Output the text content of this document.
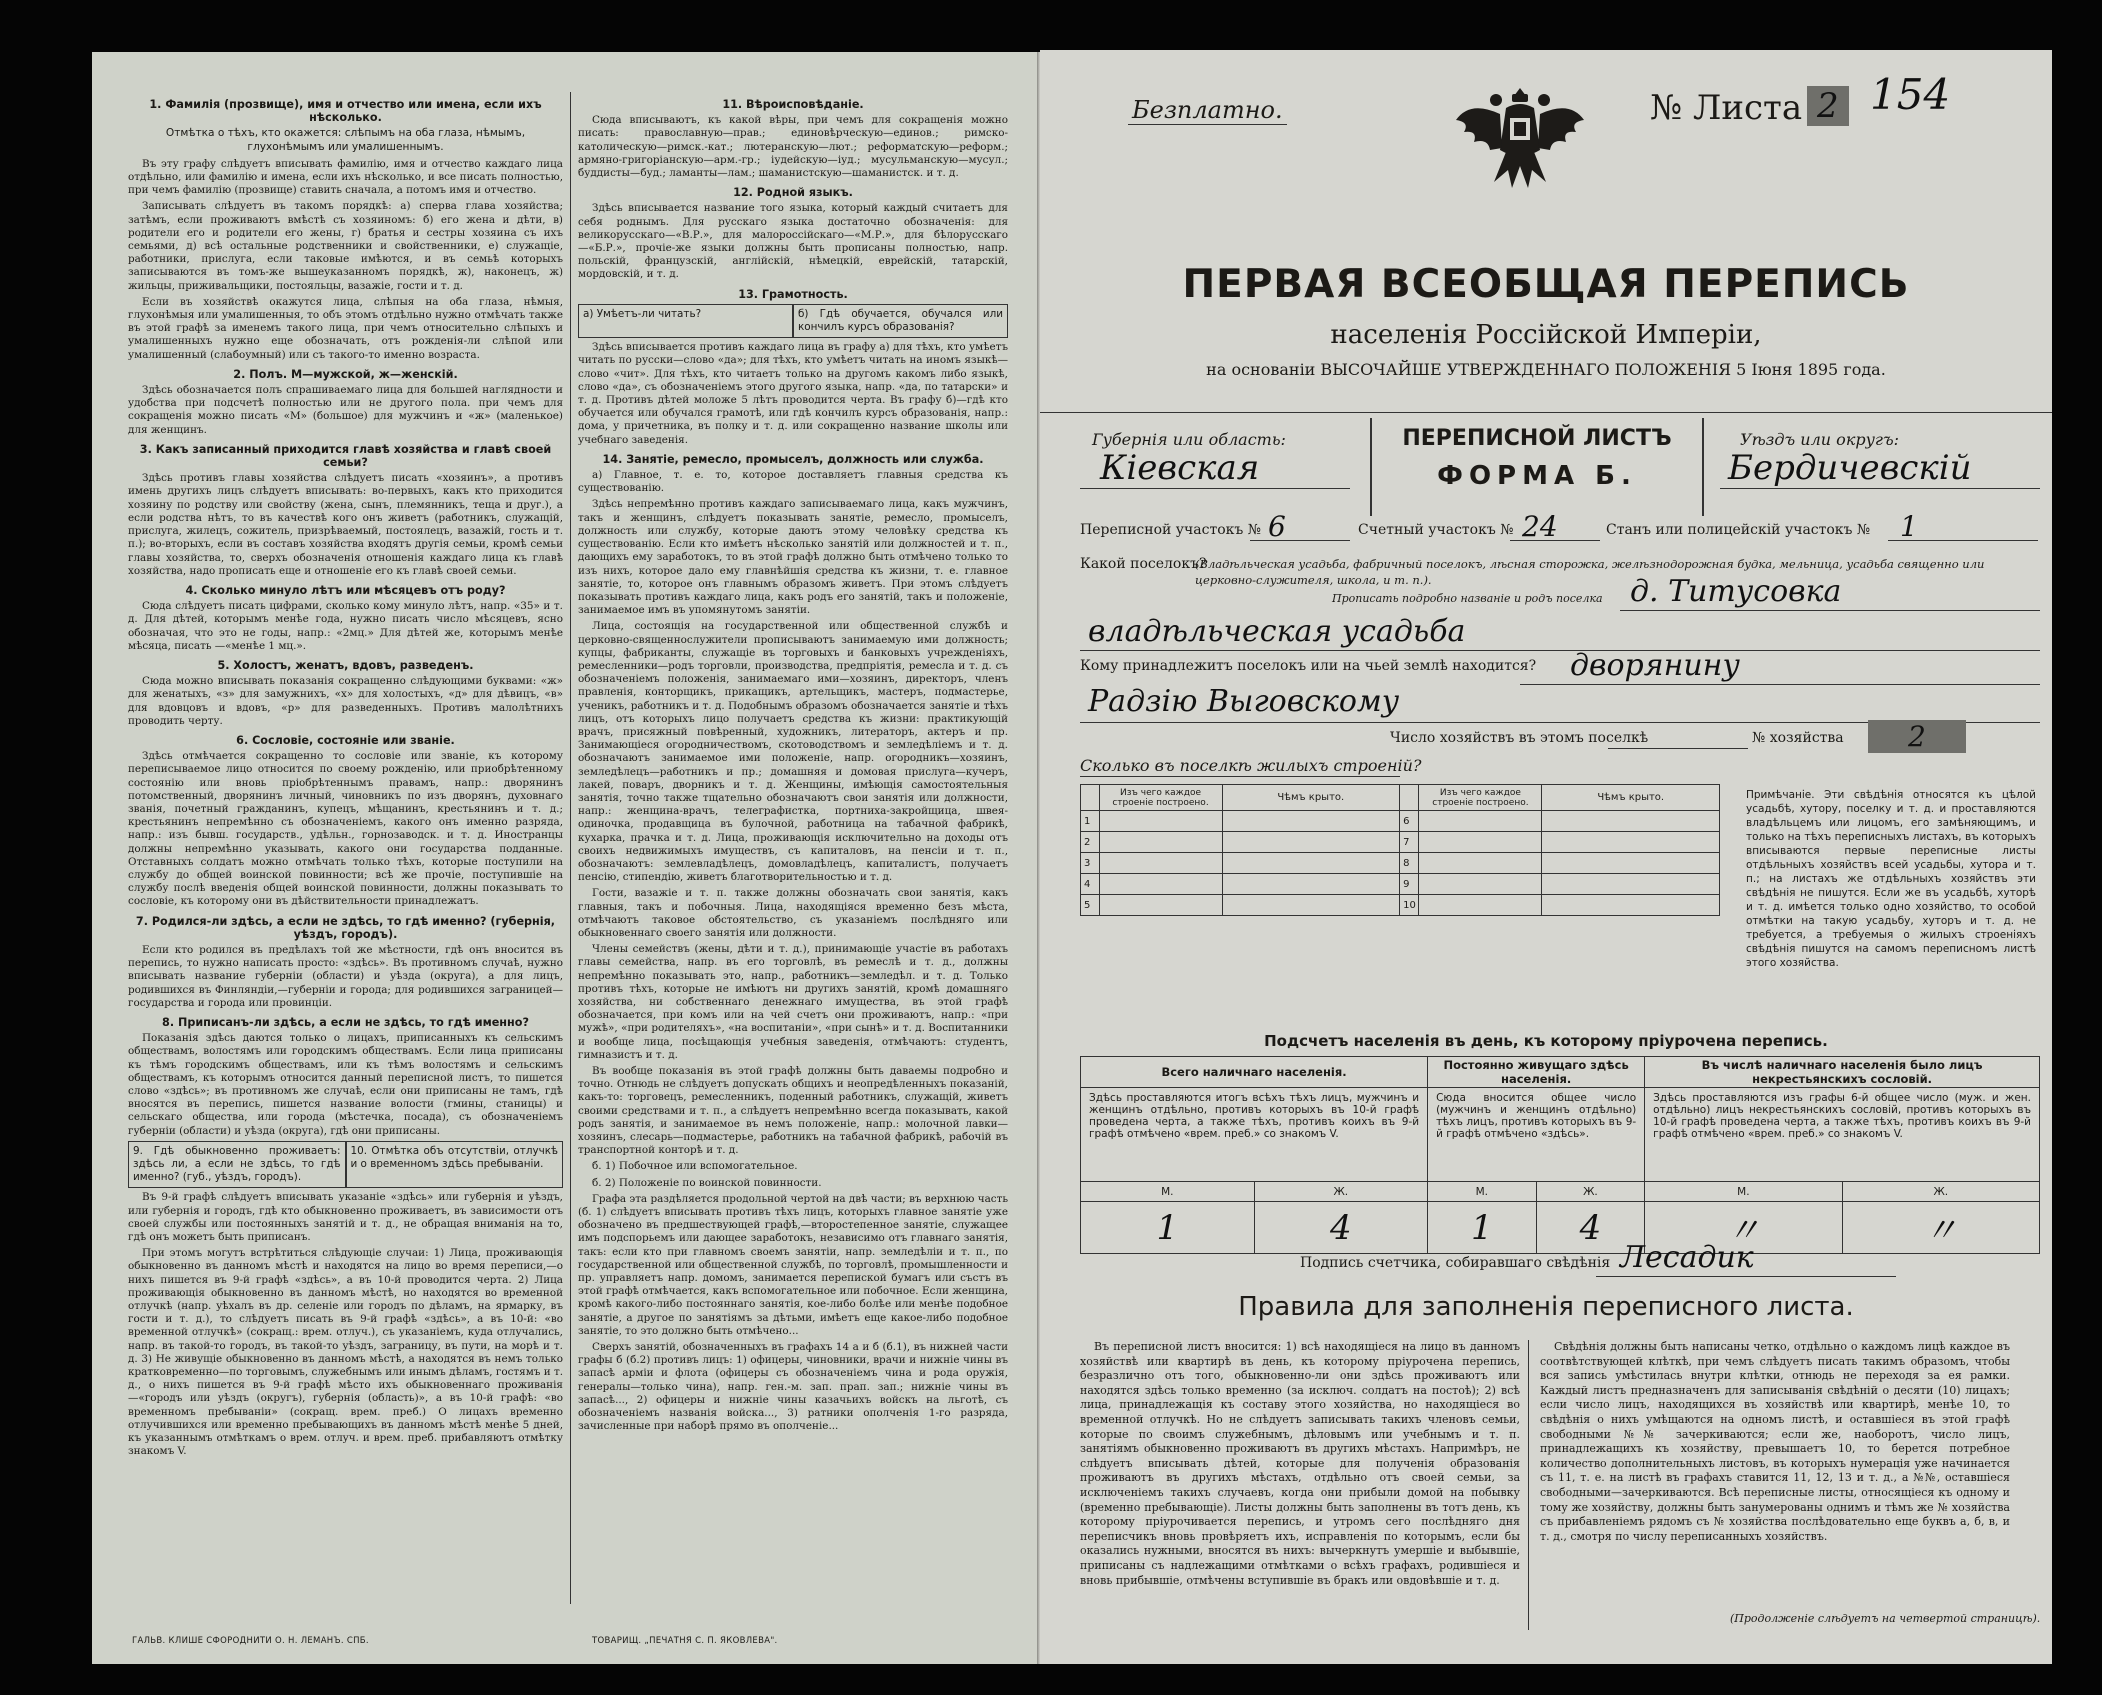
1. Фамилія (прозвище), имя и отчество или имена, если ихъ нѣсколько.
Отмѣтка о тѣхъ, кто окажется: слѣпымъ на оба глаза, нѣмымъ, глухонѣмымъ или умалишеннымъ.

Въ эту графу слѣдуетъ вписывать фамилію, имя и отчество каждаго лица отдѣльно, или фамилію и имена, если ихъ нѣсколько, и все писать полностью, при чемъ фамилію (прозвище) ставить сначала, а потомъ имя и отчество.

Записывать слѣдуетъ въ такомъ порядкѣ: а) сперва глава хозяйства; затѣмъ, если проживаютъ вмѣстѣ съ хозяиномъ: б) его жена и дѣти, в) родители его и родители его жены, г) братья и сестры хозяина съ ихъ семьями, д) всѣ остальные родственники и свойственники, е) служащіе, работники, прислуга, если таковые имѣются, и въ семьѣ которыхъ записываются въ томъ-же вышеуказанномъ порядкѣ, ж), наконецъ, ж) жильцы, приживальщики, постояльцы, вазажіе, гости и т. д.

Если въ хозяйствѣ окажутся лица, слѣпыя на оба глаза, нѣмыя, глухонѣмыя или умалишенныя, то объ этомъ отдѣльно нужно отмѣчать также въ этой графѣ за именемъ такого лица, при чемъ относительно слѣпыхъ и умалишенныхъ нужно еще обозначать, отъ рожденія-ли слѣпой или умалишенный (слабоумный) или съ такого-то именно возраста.

2. Полъ. М—мужской, ж—женскій.

Здѣсь обозначается полъ спрашиваемаго лица для большей наглядности и удобства при подсчетѣ полностью или не другого пола. при чемъ для сокращенія можно писать «М» (большое) для мужчинъ и «ж» (маленькое) для женщинъ.

3. Какъ записанный приходится главѣ хозяйства и главѣ своей семьи?

Здѣсь противъ главы хозяйства слѣдуетъ писать «хозяинъ», а противъ имень другихъ лицъ слѣдуетъ вписывать: во-первыхъ, какъ кто приходится хозяину по родству или свойству (жена, сынъ, племянникъ, теща и друг.), а если родства нѣтъ, то въ качествѣ кого онъ живетъ (работникъ, служащій, прислуга, жилецъ, сожитель, призрѣваемый, постоялецъ, вазажій, гость и т. п.); во-вторыхъ, если въ составъ хозяйства входятъ другія семьи, кромѣ семьи главы хозяйства, то, сверхъ обозначенія отношенія каждаго лица къ главѣ хозяйства, надо прописать еще и отношеніе его къ главѣ своей семьи.

4. Сколько минуло лѣтъ или мѣсяцевъ отъ роду?

Сюда слѣдуетъ писать цифрами, сколько кому минуло лѣтъ, напр. «35» и т. д. Для дѣтей, которымъ менѣе года, нужно писать число мѣсяцевъ, ясно обозначая, что это не годы, напр.: «2мц.» Для дѣтей же, которымъ менѣе мѣсяца, писать —«менѣе 1 мц.».

5. Холостъ, женатъ, вдовъ, разведенъ.

Сюда можно вписывать показанія сокращенно слѣдующими буквами: «ж» для женатыхъ, «з» для замужнихъ, «х» для холостыхъ, «д» для дѣвицъ, «в» для вдовцовъ и вдовъ, «р» для разведенныхъ. Противъ малолѣтнихъ проводить черту.

6. Сословіе, состояніе или званіе.

Здѣсь отмѣчается сокращенно то сословіе или званіе, къ которому переписываемое лицо относится по своему рожденію, или приобрѣтенному состоянію или вновь пріобрѣтеннымъ правамъ, напр.: дворянинъ потомственный, дворянинъ личный, чиновникъ по изъ дворянъ, духовнаго званія, почетный гражданинъ, купецъ, мѣщанинъ, крестьянинъ и т. д.; крестьянинъ непремѣнно съ обозначеніемъ, какого онъ именно разряда, напр.: изъ бывш. государств., удѣльн., горнозаводск. и т. д. Иностранцы должны непремѣнно указывать, какого они государства подданные. Отставныхъ солдатъ можно отмѣчать только тѣхъ, которые поступили на службу до общей воинской повинности; всѣ же прочіе, поступившіе на службу послѣ введенія общей воинской повинности, должны показывать то сословіе, къ которому они въ дѣйствительности принадлежатъ.

7. Родился-ли здѣсь, а если не здѣсь, то гдѣ именно? (губернія, уѣздъ, городъ).

Если кто родился въ предѣлахъ той же мѣстности, гдѣ онъ вносится въ перепись, то нужно написать просто: «здѣсь». Въ противномъ случаѣ, нужно вписывать название губерніи (области) и уѣзда (округа), а для лицъ, родившихся въ Финляндіи,—губерніи и города; для родившихся заграницей—государства и города или провинціи.

8. Приписанъ-ли здѣсь, а если не здѣсь, то гдѣ именно?

Показанія здѣсь даются только о лицахъ, приписанныхъ къ сельскимъ обществамъ, волостямъ или городскимъ обществамъ. Если лица приписаны къ тѣмъ городскимъ обществамъ, или къ тѣмъ волостямъ и сельскимъ обществамъ, къ которымъ относится данный переписной листъ, то пишется слово «здѣсь»; въ противномъ же случаѣ, если они приписаны не тамъ, гдѣ вносятся въ перепись, пишется название волости (гмины, станицы) и сельскаго общества, или города (мѣстечка, посада), съ обозначеніемъ губерніи (области) и уѣзда (округа), гдѣ они приписаны.

9. Гдѣ обыкновенно проживаетъ: здѣсь ли, а если не здѣсь, то гдѣ именно? (губ., уѣздъ, городъ).
10. Отмѣтка объ отсутствіи, отлучкѣ и о временномъ здѣсь пребываніи.

Въ 9-й графѣ слѣдуетъ вписывать указаніе «здѣсь» или губернія и уѣздъ, или губернія и городъ, гдѣ кто обыкновенно проживаетъ, въ зависимости отъ своей службы или постоянныхъ занятій и т. д., не обращая вниманія на то, гдѣ онъ можетъ быть приписанъ.

При этомъ могутъ встрѣтиться слѣдующіе случаи: 1) Лица, проживающія обыкновенно въ данномъ мѣстѣ и находятся на лицо во время переписи,—о нихъ пишется въ 9-й графѣ «здѣсь», а въ 10-й проводится черта. 2) Лица проживающія обыкновенно въ данномъ мѣстѣ, но находятся во временной отлучкѣ (напр. уѣхалъ въ др. селеніе или городъ по дѣламъ, на ярмарку, въ гости и т. д.), то слѣдуетъ писать въ 9-й графѣ «здѣсь», а въ 10-й: «во временной отлучкѣ» (сокращ.: врем. отлуч.), съ указаніемъ, куда отлучались, напр. въ такой-то городъ, въ такой-то уѣздъ, заграницу, въ пути, на морѣ и т. д. 3) Не живущіе обыкновенно въ данномъ мѣстѣ, а находятся въ немъ только кратковременно—по торговымъ, служебнымъ или инымъ дѣламъ, гостямъ и т. д., о нихъ пишется въ 9-й графѣ мѣсто ихъ обыкновеннаго проживанія—«городъ или уѣздъ (округъ), губернія (область)», а въ 10-й графѣ: «во временномъ пребываніи» (сокращ. врем. преб.) О лицахъ временно отлучившихся или временно пребывающихъ въ данномъ мѣстѣ менѣе 5 дней, къ указаннымъ отмѣткамъ о врем. отлуч. и врем. преб. прибавляютъ отмѣтку знакомъ V.

11. Вѣроисповѣданіе.

Сюда вписываютъ, къ какой вѣры, при чемъ для сокращенія можно писать: православную—прав.; единовѣрческую—единов.; римско-католическую—римск.-кат.; лютеранскую—лют.; реформатскую—реформ.; армяно-григоріанскую—арм.-гр.; іудейскую—іуд.; мусульманскую—мусул.; буддисты—буд.; ламанты—лам.; шаманистскую—шаманистск. и т. д.

12. Родной языкъ.

Здѣсь вписывается название того языка, который каждый считаетъ для себя роднымъ. Для русскаго языка достаточно обозначенія: для великорусскаго—«В.Р.», для малороссійскаго—«М.Р.», для бѣлорусскаго—«Б.Р.», прочіе-же языки должны быть прописаны полностью, напр. польскій, французскій, англійскій, нѣмецкій, еврейскій, татарскій, мордовскій, и т. д.

13. Грамотность.
а) Умѣетъ-ли читать?	б) Гдѣ обучается, обучался или кончилъ курсъ образованія?

Здѣсь вписывается противъ каждаго лица въ графу а) для тѣхъ, кто умѣетъ читать по русски—слово «да»; для тѣхъ, кто умѣетъ читать на иномъ языкѣ—слово «чит». Для тѣхъ, кто читаетъ только на другомъ какомъ либо языкѣ, слово «да», съ обозначеніемъ этого другого языка, напр. «да, по татарски» и т. д. Противъ дѣтей моложе 5 лѣтъ проводится черта. Въ графу б)—гдѣ кто обучается или обучался грамотѣ, или гдѣ кончилъ курсъ образованія, напр.: дома, у причетника, въ полку и т. д. или сокращенно название школы или учебнаго заведенія.

14. Занятіе, ремесло, промыселъ, должность или служба.

а) Главное, т. е. то, которое доставляетъ главныя средства къ существованію.

Здѣсь непремѣнно противъ каждаго записываемаго лица, какъ мужчинъ, такъ и женщинъ, слѣдуетъ показывать занятіе, ремесло, промыселъ, должность или службу, которые даютъ этому человѣку средства къ существованію. Если кто имѣетъ нѣсколько занятій или должностей и т. п., дающихъ ему заработокъ, то въ этой графѣ должно быть отмѣчено только то изъ нихъ, которое дало ему главнѣйшія средства къ жизни, т. е. главное занятіе, то, которое онъ главнымъ образомъ живетъ. При этомъ слѣдуетъ показывать противъ каждаго лица, какъ родъ его занятій, такъ и положеніе, занимаемое имъ въ упомянутомъ занятіи.

Лица, состоящія на государственной или общественной службѣ и церковно-священнослужители прописываютъ занимаемую ими должность; купцы, фабриканты, служащіе въ торговыхъ и банковыхъ учрежденіяхъ, ремесленники—родъ торговли, производства, предпріятія, ремесла и т. д. съ обозначеніемъ положенія, занимаемаго ими—хозяинъ, директоръ, членъ правленія, конторщикъ, прикащикъ, артельщикъ, мастеръ, подмастерье, ученикъ, работникъ и т. д. Подобнымъ образомъ обозначается занятіе и тѣхъ лицъ, отъ которыхъ лицо получаетъ средства къ жизни: практикующій врачъ, присяжный повѣренный, художникъ, литераторъ, актеръ и пр. Занимающіеся огородничествомъ, скотоводствомъ и земледѣліемъ и т. д. обозначаютъ занимаемое ими положеніе, напр. огородникъ—хозяинъ, земледѣлецъ—работникъ и пр.; домашняя и домовая прислуга—кучеръ, лакей, поваръ, дворникъ и т. д. Женщины, имѣющія самостоятельныя занятія, точно также тщательно обозначаютъ свои занятія или должности, напр.: женщина-врачъ, телеграфистка, портниха-закройщица, швея-одиночка, продавщица въ булочной, работница на табачной фабрикѣ, кухарка, прачка и т. д. Лица, проживающія исключительно на доходы отъ своихъ недвижимыхъ имуществъ, съ капиталовъ, на пенсіи и т. п., обозначаютъ: землевладѣлецъ, домовладѣлецъ, капиталистъ, получаетъ пенсію, стипендію, живетъ благотворительностью и т. д.

Гости, вазажіе и т. п. также должны обозначать свои занятія, какъ главныя, такъ и побочныя. Лица, находящіяся временно безъ мѣста, отмѣчаютъ таковое обстоятельство, съ указаніемъ послѣдняго или обыкновеннаго своего занятія или должности.

Члены семействъ (жены, дѣти и т. д.), принимающіе участіе въ работахъ главы семейства, напр. въ его торговлѣ, въ ремеслѣ и т. д., должны непремѣнно показывать это, напр., работникъ—земледѣл. и т. д. Только противъ тѣхъ, которые не имѣютъ ни другихъ занятій, кромѣ домашняго хозяйства, ни собственнаго денежнаго имущества, въ этой графѣ обозначается, при комъ или на чей счетъ они проживаютъ, напр.: «при мужѣ», «при родителяхъ», «на воспитаніи», «при сынѣ» и т. д. Воспитанники и вообще лица, посѣщающія учебныя заведенія, отмѣчаютъ: студентъ, гимназистъ и т. д.

Въ вообще показанія въ этой графѣ должны быть даваемы подробно и точно. Отнюдь не слѣдуетъ допускать общихъ и неопредѣленныхъ показаній, какъ-то: торговецъ, ремесленникъ, поденный работникъ, служащій, живетъ своими средствами и т. п., а слѣдуетъ непремѣнно всегда показывать, какой родъ занятія, и занимаемое въ немъ положеніе, напр.: молочной лавки—хозяинъ, слесарь—подмастерье, работникъ на табачной фабрикѣ, рабочій въ транспортной конторѣ и т. д.

б. 1) Побочное или вспомогательное.

б. 2) Положеніе по воинской повинности.

Графа эта раздѣляется продольной чертой на двѣ части; въ верхнюю часть (б. 1) слѣдуетъ вписывать противъ тѣхъ лицъ, которыхъ главное занятіе уже обозначено въ предшествующей графѣ,—второстепенное занятіе, служащее имъ подспорьемъ или дающее заработокъ, независимо отъ главнаго занятія, такъ: если кто при главномъ своемъ занятіи, напр. земледѣліи и т. п., по государственной или общественной службѣ, по торговлѣ, промышленности и пр. управляетъ напр. домомъ, занимается перепиской бумагъ или състъ въ этой графѣ отмѣчается, какъ вспомогательное или побочное. Если женщина, кромѣ какого-либо постояннаго занятія, кое-либо болѣе или менѣе подобное занятіе, а другое по занятіямъ за дѣтьми, имѣетъ еще какое-либо подобное занятіе, то это должно быть отмѣчено...

Сверхъ занятій, обозначенныхъ въ графахъ 14 а и б (б.1), въ нижней части графы б (б.2) противъ лицъ: 1) офицеры, чиновники, врачи и нижніе чины въ запасѣ арміи и флота (офицеры съ обозначеніемъ чина и рода оружія, генералы—только чина), напр. ген.-м. зап. прап. зап.; нижніе чины въ запасѣ..., 2) офицеры и нижніе чины казачьихъ войскъ на льготѣ, съ обозначеніемъ названія войска..., 3) ратники ополченія 1-го разряда, зачисленные при наборѣ прямо въ ополченіе...

ГАЛЬВ. КЛИШЕ СФОРОДНИТИ О. Н. ЛЕМАНЪ. СПБ.	ТОВАРИЩ. „ПЕЧАТНЯ С. П. ЯКОВЛЕВА".
Безплатно.	№ Листа 2 154
ПЕРВАЯ ВСЕОБЩАЯ ПЕРЕПИСЬ
населенія Россійской Имперіи,
на основаніи ВЫСОЧАЙШЕ УТВЕРЖДЕННАГО ПОЛОЖЕНІЯ 5 Іюня 1895 года.
Губернія или область:
Кіевская
ПЕРЕПИСНОЙ ЛИСТЪ
ФОРМА Б.
Уѣздъ или округъ:
Бердичевскій
Переписной участокъ № 6	Счетный участокъ № 24	Станъ или полицейскій участокъ № 1
Какой поселокъ?
(Владѣльческая усадьба, фабричный поселокъ, лѣсная сторожка, желѣзнодорожная будка, мельница, усадьба священно или церковно-служителя, школа, и т. п.).
Прописать подробно названіе и родъ поселка д. Титусовка
владѣльческая усадьба
Кому принадлежитъ поселокъ или на чьей землѣ находится? дворянину
Радзію Выговскому
Число хозяйствъ въ этомъ поселкѣ	№ хозяйства	2
Сколько въ поселкѣ жилыхъ строеній?
	Изъ чего каждое строеніе построено.	Чѣмъ крыто.		Изъ чего каждое строеніе построено.	Чѣмъ крыто.
1			6		
2			7		
3			8		
4			9		
5			10		
Примѣчаніе. Эти свѣдѣнія относятся къ цѣлой усадьбѣ, хутору, поселку и т. д. и проставляются владѣльцемъ или лицомъ, его замѣняющимъ, и только на тѣхъ переписныхъ листахъ, въ которыхъ вписываются первые переписные листы отдѣльныхъ хозяйствъ всей усадьбы, хутора и т. п.; на листахъ же отдѣльныхъ хозяйствъ эти свѣдѣнія не пишутся. Если же въ усадьбѣ, хуторѣ и т. д. имѣется только одно хозяйство, то особой отмѣтки на такую усадьбу, хуторъ и т. д. не требуется, а требуемыя о жилыхъ строеніяхъ свѣдѣнія пишутся на самомъ переписномъ листѣ этого хозяйства.
Подсчетъ населенія въ день, къ которому пріурочена перепись.
Всего наличнаго населенія.		Постоянно живущаго здѣсь населенія.		Въ числѣ наличнаго населенія было лицъ некрестьянскихъ сословій.	
Здѣсь проставляются итогъ всѣхъ тѣхъ лицъ, мужчинъ и женщинъ отдѣльно, противъ которыхъ въ 10-й графѣ проведена черта, а также тѣхъ, противъ коихъ въ 9-й графѣ отмѣчено «врем. преб.» со знакомъ V.		Сюда вносится общее число (мужчинъ и женщинъ отдѣльно) тѣхъ лицъ, противъ которыхъ въ 9-й графѣ отмѣчено «здѣсь».		Здѣсь проставляются изъ графы 6-й общее число (муж. и жен. отдѣльно) лицъ некрестьянскихъ сословій, противъ которыхъ въ 10-й графѣ проведена черта, а также тѣхъ, противъ коихъ въ 9-й графѣ отмѣчено «врем. преб.» со знакомъ V.	
М.	Ж.	М.	Ж.	М.	Ж.
1	4	1	4	〃	〃
Подпись счетчика, собиравшаго свѣдѣнія Лесадик
Правила для заполненія переписного листа.
Въ переписной листъ вносится: 1) всѣ находящіеся на лицо въ данномъ хозяйствѣ или квартирѣ въ день, къ которому пріурочена перепись, безразлично отъ того, обыкновенно-ли они здѣсь проживаютъ или находятся здѣсь только временно (за исключ. солдатъ на постоѣ); 2) всѣ лица, принадлежащія къ составу этого хозяйства, но находящіеся во временной отлучкѣ. Но не слѣдуетъ записывать такихъ членовъ семьи, которые по своимъ служебнымъ, дѣловымъ или учебнымъ и т. п. занятіямъ обыкновенно проживаютъ въ другихъ мѣстахъ. Напримѣръ, не слѣдуетъ вписывать дѣтей, которые для полученія образованія проживаютъ въ другихъ мѣстахъ, отдѣльно отъ своей семьи, за исключеніемъ такихъ случаевъ, когда они прибыли домой на побывку (временно пребывающіе). Листы должны быть заполнены въ тотъ день, къ которому пріурочивается перепись, и утромъ сего послѣдняго дня переписчикъ вновь провѣряетъ ихъ, исправленія по которымъ, если бы оказались нужными, вносятся въ нихъ: вычеркнутъ умершіе и выбывшіе, приписаны съ надлежащими отмѣтками о всѣхъ графахъ, родившіеся и вновь прибывшіе, отмѣчены вступившіе въ бракъ или овдовѣвшіе и т. д.
Свѣдѣнія должны быть написаны четко, отдѣльно о каждомъ лицѣ каждое въ соотвѣтствующей клѣткѣ, при чемъ слѣдуетъ писать такимъ образомъ, чтобы вся запись умѣстилась внутри клѣтки, отнюдь не переходя за ея рамки. Каждый листъ предназначенъ для записыванія свѣдѣній о десяти (10) лицахъ; если число лицъ, находящихся въ хозяйствѣ или квартирѣ, менѣе 10, то свѣдѣнія о нихъ умѣщаются на одномъ листѣ, и оставшіеся въ этой графѣ свободными №№ зачеркиваются; если же, наоборотъ, число лицъ, принадлежащихъ къ хозяйству, превышаетъ 10, то берется потребное количество дополнительныхъ листовъ, въ которыхъ нумерація уже начинается съ 11, т. е. на листѣ въ графахъ ставится 11, 12, 13 и т. д., а №№, оставшіеся свободными—зачеркиваются. Всѣ переписные листы, относящіеся къ одному и тому же хозяйству, должны быть занумерованы однимъ и тѣмъ же № хозяйства съ прибавленіемъ рядомъ съ № хозяйства послѣдовательно еще буквъ а, б, в, и т. д., смотря по числу переписанныхъ хозяйствъ.
(Продолженіе слѣдуетъ на четвертой страницѣ).
